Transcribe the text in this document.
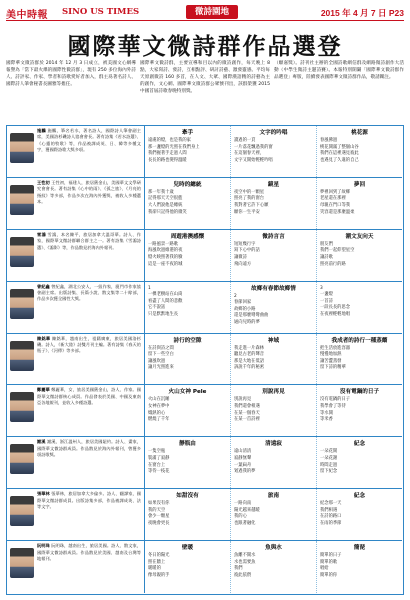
美中時報 SINO US TIMES	微詩園地	2015 年 4 月 7 日 P23
國際華文微詩群作品選登
國際華文微詩群於 2014 年 12 月 3 日成立，被美國文心網導報譽為「當下最火爆的國際性微詩群」，現有 250 多位海內外詩人、詩評家、作家、學者和詩歌愛好者加入，群主爲著名詩人、國際詩人筆會秘書長圖雅等擔任。
國際華文微詩群，主要宣導和目以內的微詩創作，每天晚上 8 點，大家寫詩、發詩，互相點評、研討詩藝、激發靈感。平均每天原創微詩 160 多首，在人文、大眾、國際漢語精的詩藝為主的創作，文心網、國際華文微詩群公眾號刊出，該群榮獲 2015 中國首屆詩歌春晚特別獎。
（願嘉獎）。詩刊社主辦的全國詩歌網信群及網路微詩創作大活動（中學生微詩主題詩賽）。本報特別開闢「國際華文微詩群作品選登」專版，陸續發表國際華文微詩群作品，敬請關注。
施鵬 施鵬，筆名若水，著名詩人，國際詩人筆會副主席，美國洛杉磯詩人協會會長。著有詩集《若水詩選》、《心靈的牧歌》等，作品被譯成英、日、韓等多種文字，獲國際詩歌大獎多項。
牽手
遠處的燈，也是我的家
那一盞燈的光照在我們身上
我們握著手走過人間
長長的路也變得溫暖
文字的吟唱
讀過的一頁
一片落花飄過我的窗
在這個春天裡，
文字又開始輕輕吟唱
桃花源
春風拂過
桃花開滿了整個山谷
我們在這裡遇見彼此
也遇見了久違的自己
王性初 王性初，福建人，旅居舊金山，美國華文文學研究會會長。著有詩集《心中的雨》、《孤之旅》、《月亮的指紋》等多部，作品多次在海內外獲獎，被收入多種選本。
兒時的總統
那一年我十歲
記得那天天空很藍
大人們說他是總統
我卻只記得他的微笑
鏡星
夜空中的一顆星
照亮了我的窗台
我對著它許下心願
願你一生平安
夢回
夢裡回到了故鄉
老屋還在那裡
母親在門口等我
笑容還是那麼溫柔
雪鴻 雪鴻，本名陳平，旅居加拿大溫哥華。詩人、作家，國際華文微詩群聯合群主之一。著有詩集《雪鴻詩選》、《鴻影》等，作品散見於海內外報刊。
周遊港澳感懷
一路風景一路歌
海風吹過維港的夜
燈火映照著我的臉
這是一座不夜的城
微詩言言
短短幾行字
寫下心中的話
讓微詩
飛向遠方
潮文友向天
朋友們
我們一起仰望星空
讓詩歌
照亮前行的路
曾紀鑫 曾紀鑫，湖北公安人，一級作家，廈門市作家協會副主席。出版詩集、長篇小說、散文集等二十餘部，作品多次獲全國性大獎。
1
一棵老樹站在山崗
看盡了人間的悲歡
它不說話
只是默默地生長
故鄉有春節故鄉情
2
春節回家
故鄉的小路
還是那麼彎彎曲曲
通向兒時的夢
3
一盞燈
一首詩
一段長長的思念
在夜裡輕輕地唱
陳銘華 陳銘華，越南出生，祖籍廣東，旅居美國洛杉磯。詩人，《新大陸》詩雙月刊主編。著有詩集《春天的瓶子》、《河傳》等多部。
詩行的空隙
在詩與詩之間
留下一些空白
讓風吹過
讓月光照進來
神域
我走進一片森林
聽見古老的聲音
那是大地在低語
訴說千年的秘密
我成者的詩行一種蒸餾
把生活放進容器
慢慢地加熱
讓苦澀蒸發
留下詩的精華
鄭麗華 鄭麗華，女，旅居美國舊金山，詩人、作家。國際華文微詩群核心成員。作品發表於美國、中國及東南亞各地報刊，並收入多種詩選。
火山女神 Pele
火山在沉睡
女神在夢中
熾熱的心
燃燒了千年
別說再見
別說再見
我們還會相遇
在某一個春天
在某一首詩裡
沒有電鍋的日子
沒有電鍋的日子
我學會了等待
等水開
等米香
謝溪 謝溪，浙江溫州人，旅居美國紐約。詩人、畫家，國際華文微詩群成員。作品散見於海內外報刊，曾獲多項詩歌獎。
靜瓶由
一隻空瓶
裝滿了寂靜
在窗台上
等待一枝花
清遠寂
遠山清清
寂靜無聲
一葉扁舟
划過我的夢
紀念
一朵花開
一朵花謝
時間走過
留下紀念
張華林 張華林，旅居加拿大多倫多。詩人、翻譯家，國際華文微詩群成員。出版詩集多部，作品被譯成英、法等文字。
如甜沒有
如果沒有你
我的天空
會少一顆星
夜晚會更長
旅南
一路向南
陽光越來越暖
我的心
也跟著融化
紀念
紀念那一天
我們相遇
在詩的路口
在雨的季節
阮明珠 阮明珠，越南出生，旅居美國。詩人、散文家，國際華文微詩群成員。作品散見於美國、越南及台灣等地報刊。
壁暖
冬日的陽光
照在牆上
暖暖的
像母親的手
魚與水
魚離不開水
水也需要魚
我們
彼此依偎
簡琵
簡單的日子
簡單的歌
唱給
簡單的你
